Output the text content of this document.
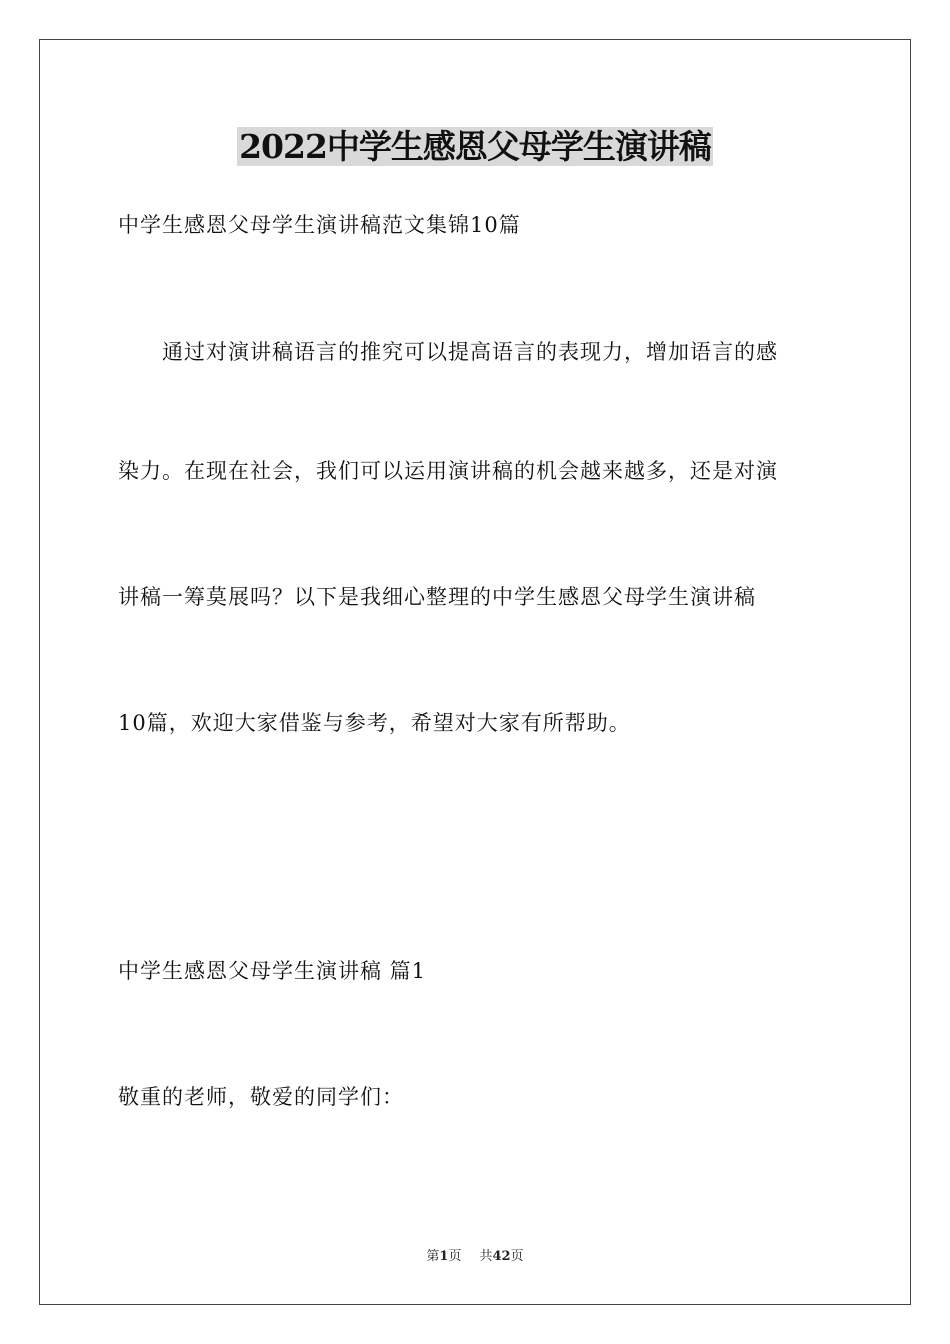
2022中学生感恩父母学生演讲稿
中学生感恩父母学生演讲稿范文集锦10篇
　　通过对演讲稿语言的推究可以提高语言的表现力，增加语言的感
染力。在现在社会，我们可以运用演讲稿的机会越来越多，还是对演
讲稿一筹莫展吗？以下是我细心整理的中学生感恩父母学生演讲稿
10篇，欢迎大家借鉴与参考，希望对大家有所帮助。
中学生感恩父母学生演讲稿 篇1
敬重的老师，敬爱的同学们：
第1页 共42页
